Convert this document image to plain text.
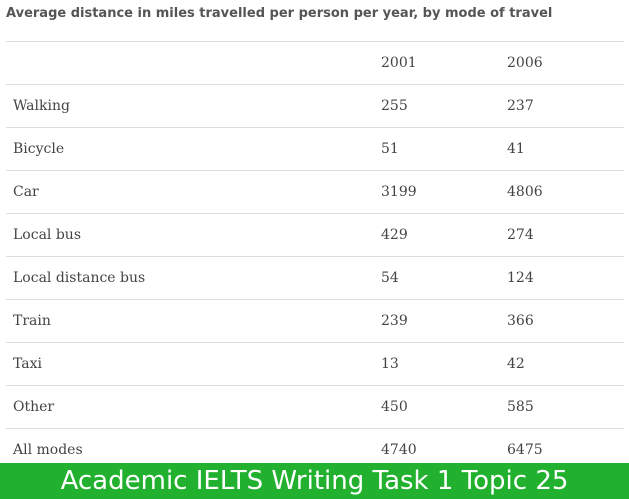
Average distance in miles travelled per person per year, by mode of travel
	2001	2006
Walking	255	237
Bicycle	51	41
Car	3199	4806
Local bus	429	274
Local distance bus	54	124
Train	239	366
Taxi	13	42
Other	450	585
All modes	4740	6475
Academic IELTS Writing Task 1 Topic 25
